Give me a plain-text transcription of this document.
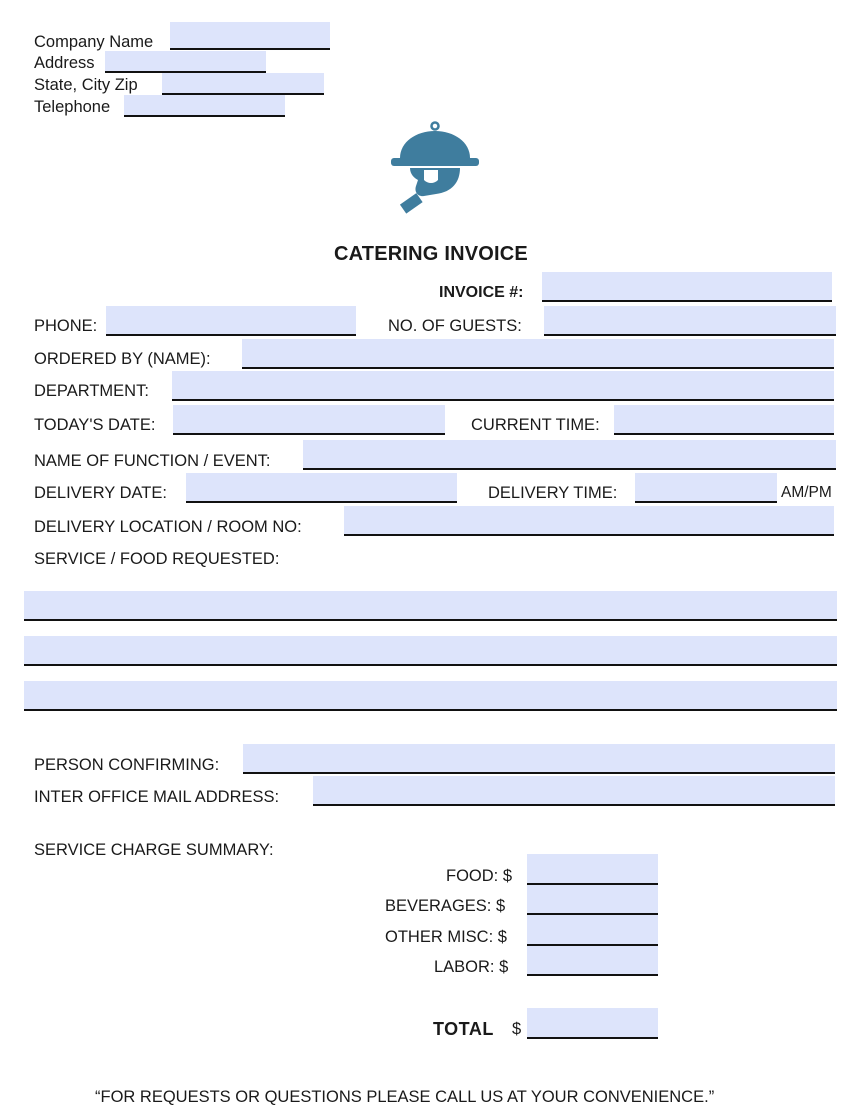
Company Name
Address
State, City Zip
Telephone
CATERING INVOICE
INVOICE #:
PHONE:	NO. OF GUESTS:
ORDERED BY (NAME):
DEPARTMENT:
TODAY'S DATE:	CURRENT TIME:
NAME OF FUNCTION / EVENT:
DELIVERY DATE:	DELIVERY TIME:	AM/PM
DELIVERY LOCATION / ROOM NO:
SERVICE / FOOD REQUESTED:
PERSON CONFIRMING:
INTER OFFICE MAIL ADDRESS:
SERVICE CHARGE SUMMARY:
FOOD: $
BEVERAGES: $
OTHER MISC: $
LABOR: $
TOTAL $
“FOR REQUESTS OR QUESTIONS PLEASE CALL US AT YOUR CONVENIENCE.”
